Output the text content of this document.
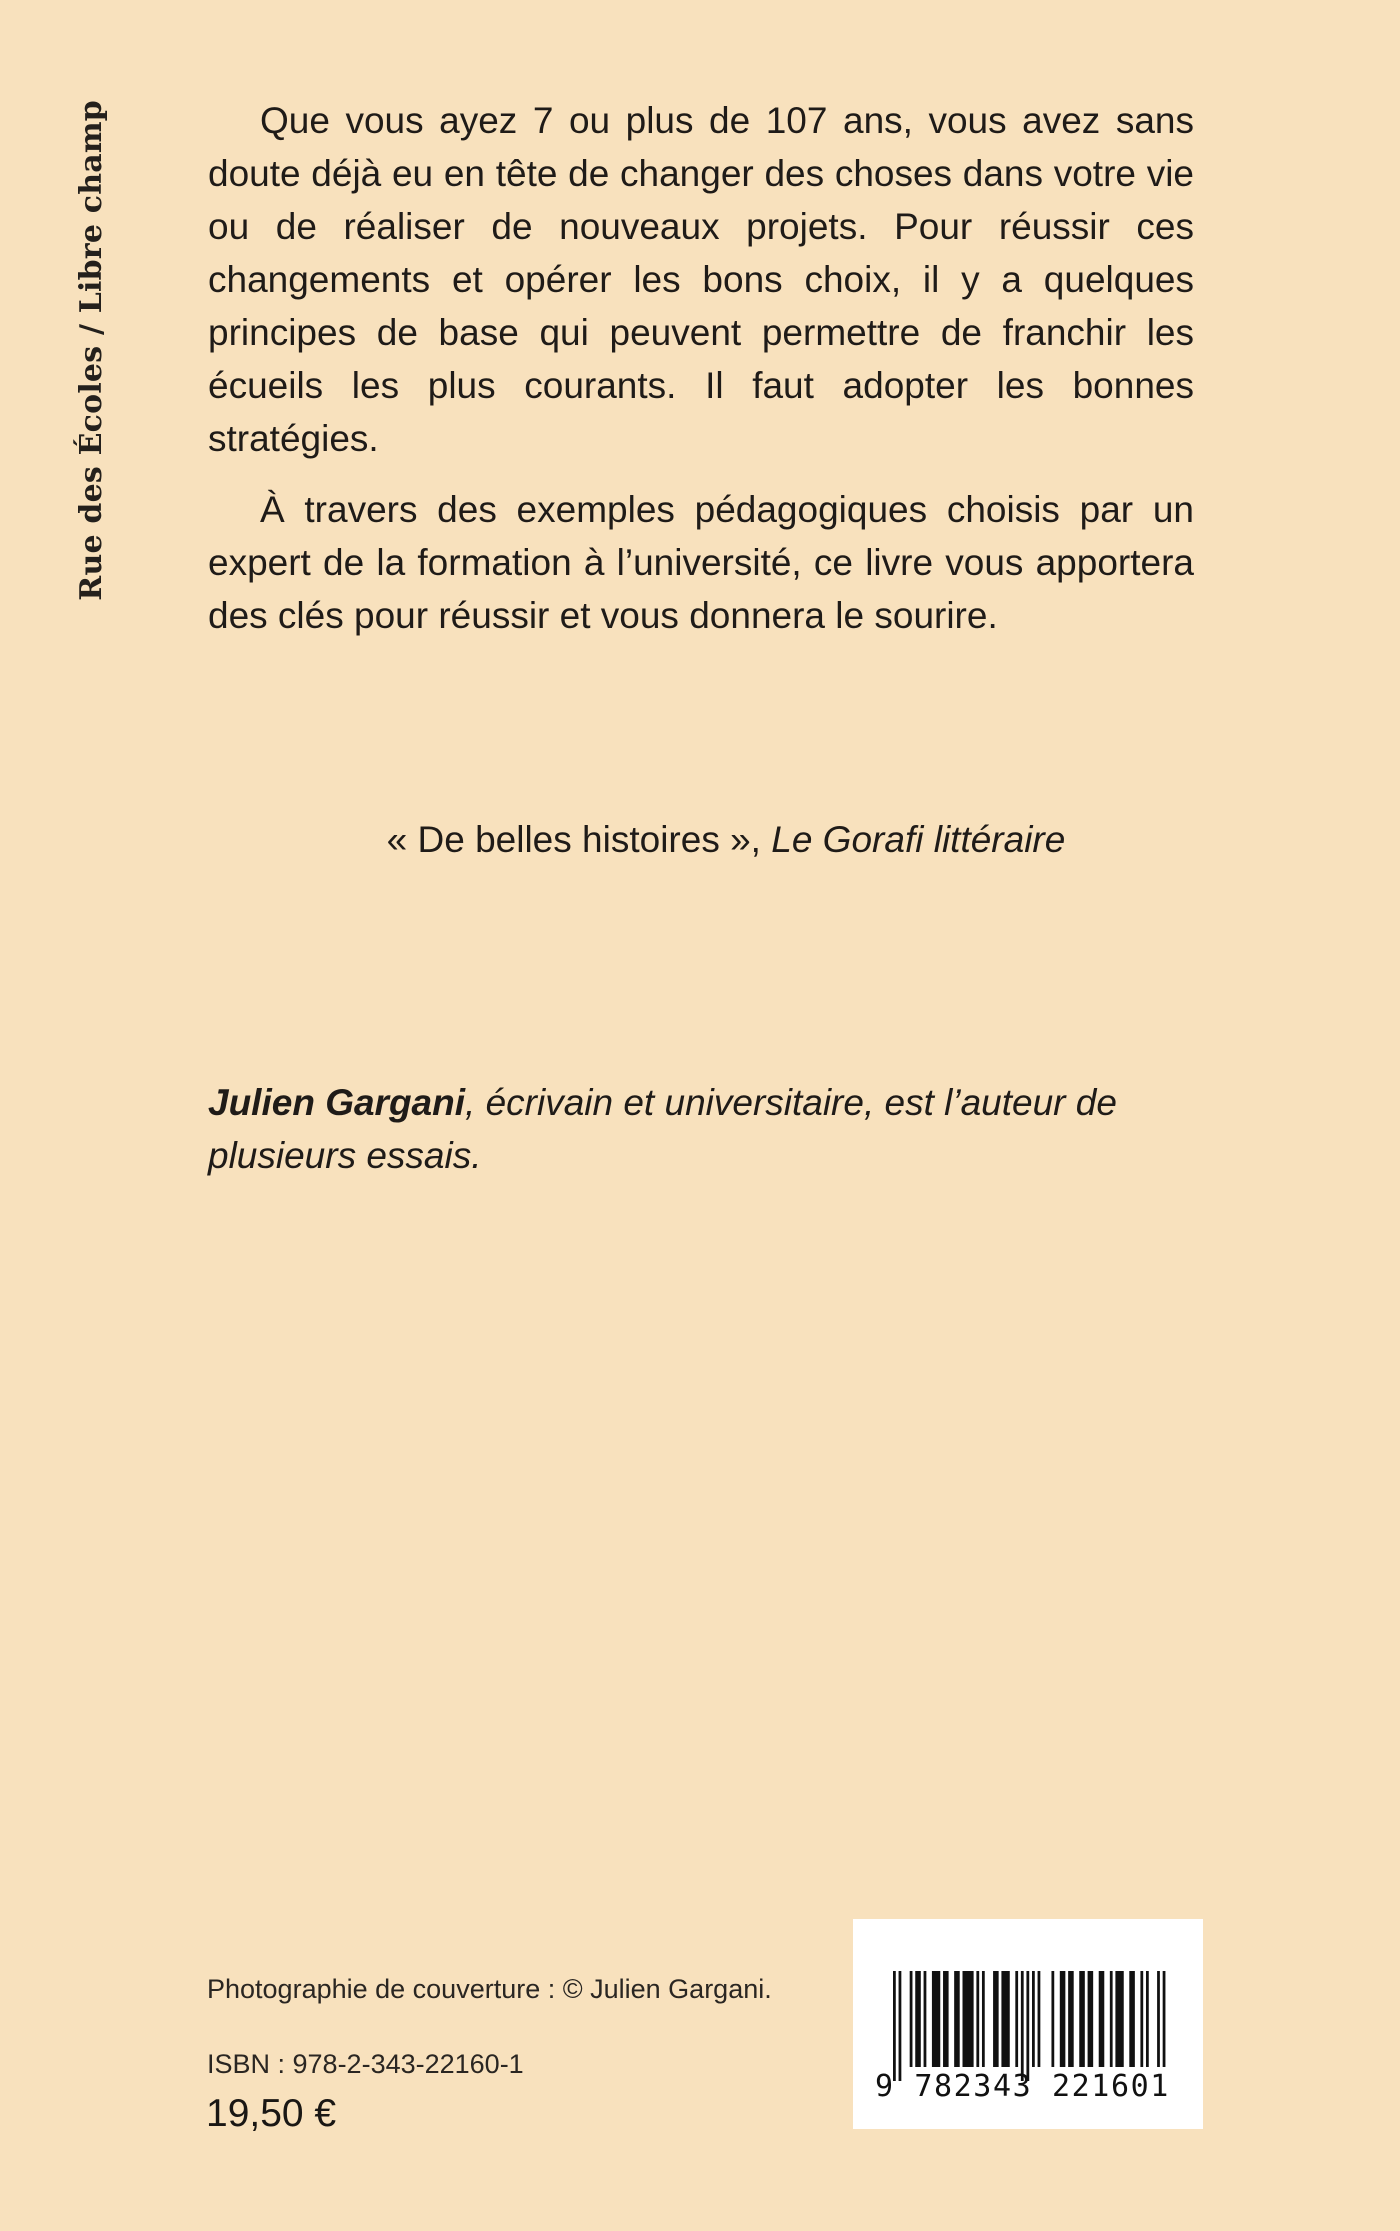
Rue des Écoles / Libre champ	Que vous ayez 7 ou plus de 107 ans, vous avez sans doute déjà eu en tête de changer des choses dans votre vie ou de réaliser de nouveaux projets. Pour réussir ces changements et opérer les bons choix, il y a quelques principes de base qui peuvent permettre de franchir les écueils les plus courants. Il faut adopter les bonnes stratégies.

À travers des exemples pédagogiques choisis par un expert de la formation à l’université, ce livre vous apportera des clés pour réussir et vous donnera le sourire.

« De belles histoires », Le Gorafi littéraire
Julien Gargani, écrivain et universitaire, est l’auteur de plusieurs essais.
Photographie de couverture : © Julien Gargani.
ISBN : 978-2-343-22160-1
19,50 €
9 782343 221601
